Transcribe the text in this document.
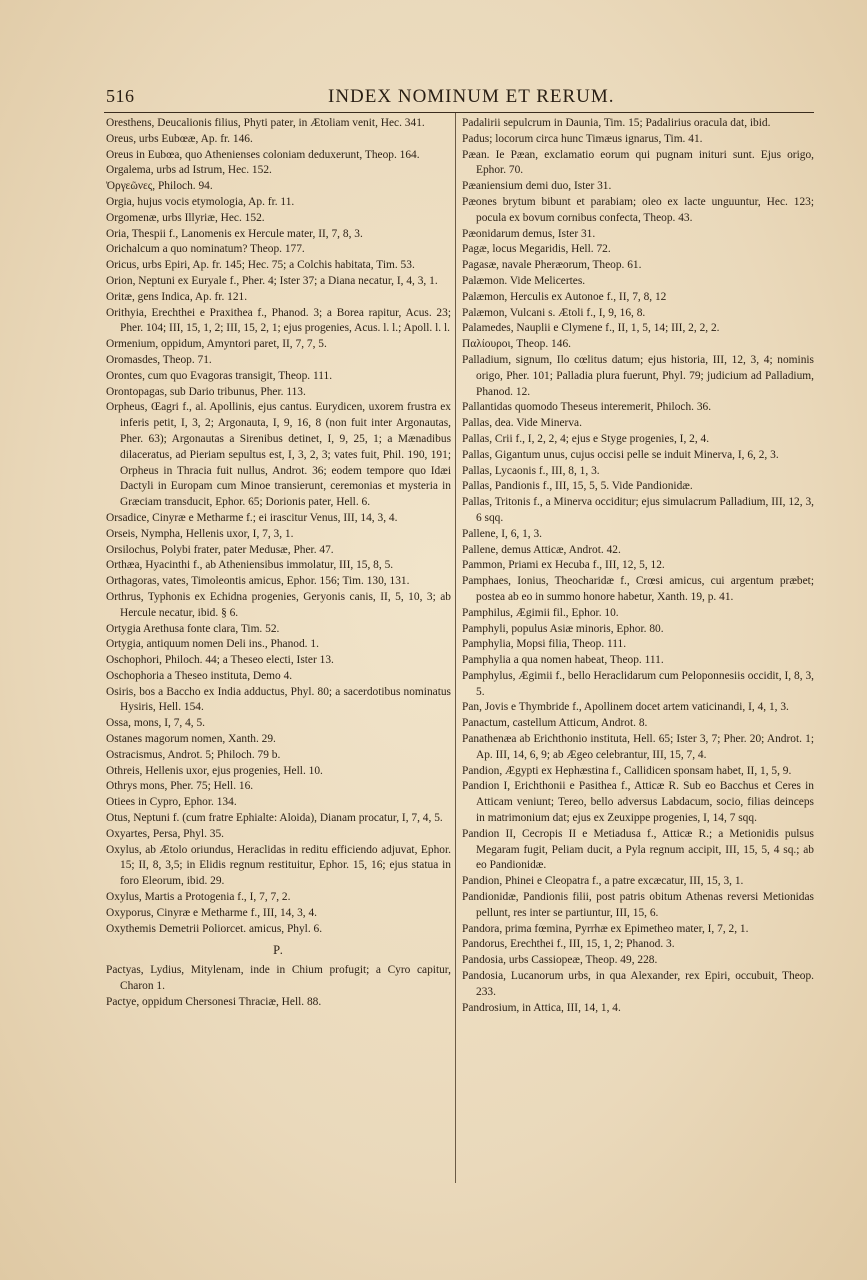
516	INDEX NOMINUM ET RERUM.

Oresthens, Deucalionis filius, Phyti pater, in Ætoliam venit, Hec. 341.

Oreus, urbs Eubœæ, Ap. fr. 146.

Oreus in Eubœa, quo Athenienses coloniam deduxerunt, Theop. 164.

Orgalema, urbs ad Istrum, Hec. 152.

Ὀργεῶνες, Philoch. 94.

Orgia, hujus vocis etymologia, Ap. fr. 11.

Orgomenæ, urbs Illyriæ, Hec. 152.

Oria, Thespii f., Lanomenis ex Hercule mater, II, 7, 8, 3.

Orichalcum a quo nominatum? Theop. 177.

Oricus, urbs Epiri, Ap. fr. 145; Hec. 75; a Colchis habitata, Tim. 53.

Orion, Neptuni ex Euryale f., Pher. 4; Ister 37; a Diana necatur, I, 4, 3, 1.

Oritæ, gens Indica, Ap. fr. 121.

Orithyia, Erechthei e Praxithea f., Phanod. 3; a Borea rapitur, Acus. 23; Pher. 104; III, 15, 1, 2; III, 15, 2, 1; ejus progenies, Acus. l. l.; Apoll. l. l.

Ormenium, oppidum, Amyntori paret, II, 7, 7, 5.

Oromasdes, Theop. 71.

Orontes, cum quo Evagoras transigit, Theop. 111.

Orontopagas, sub Dario tribunus, Pher. 113.

Orpheus, Œagri f., al. Apollinis, ejus cantus. Eurydicen, uxorem frustra ex inferis petit, I, 3, 2; Argonauta, I, 9, 16, 8 (non fuit inter Argonautas, Pher. 63); Argonautas a Sirenibus detinet, I, 9, 25, 1; a Mænadibus dilaceratus, ad Pieriam sepultus est, I, 3, 2, 3; vates fuit, Phil. 190, 191; Orpheus in Thracia fuit nullus, Androt. 36; eodem tempore quo Idæi Dactyli in Europam cum Minoe transierunt, ceremonias et mysteria in Græciam transducit, Ephor. 65; Dorionis pater, Hell. 6.

Orsadice, Cinyræ e Metharme f.; ei irascitur Venus, III, 14, 3, 4.

Orseis, Nympha, Hellenis uxor, I, 7, 3, 1.

Orsilochus, Polybi frater, pater Medusæ, Pher. 47.

Orthæa, Hyacinthi f., ab Atheniensibus immolatur, III, 15, 8, 5.

Orthagoras, vates, Timoleontis amicus, Ephor. 156; Tim. 130, 131.

Orthrus, Typhonis ex Echidna progenies, Geryonis canis, II, 5, 10, 3; ab Hercule necatur, ibid. § 6.

Ortygia Arethusa fonte clara, Tim. 52.

Ortygia, antiquum nomen Deli ins., Phanod. 1.

Oschophori, Philoch. 44; a Theseo electi, Ister 13.

Oschophoria a Theseo instituta, Demo 4.

Osiris, bos a Baccho ex India adductus, Phyl. 80; a sacerdotibus nominatus Hysiris, Hell. 154.

Ossa, mons, I, 7, 4, 5.

Ostanes magorum nomen, Xanth. 29.

Ostracismus, Androt. 5; Philoch. 79 b.

Othreis, Hellenis uxor, ejus progenies, Hell. 10.

Othrys mons, Pher. 75; Hell. 16.

Otiees in Cypro, Ephor. 134.

Otus, Neptuni f. (cum fratre Ephialte: Aloida), Dianam procatur, I, 7, 4, 5.

Oxyartes, Persa, Phyl. 35.

Oxylus, ab Ætolo oriundus, Heraclidas in reditu efficiendo adjuvat, Ephor. 15; II, 8, 3,5; in Elidis regnum restituitur, Ephor. 15, 16; ejus statua in foro Eleorum, ibid. 29.

Oxylus, Martis a Protogenia f., I, 7, 7, 2.

Oxyporus, Cinyræ e Metharme f., III, 14, 3, 4.

Oxythemis Demetrii Poliorcet. amicus, Phyl. 6.

P.

Pactyas, Lydius, Mitylenam, inde in Chium profugit; a Cyro capitur, Charon 1.

Pactye, oppidum Chersonesi Thraciæ, Hell. 88.

Padalirii sepulcrum in Daunia, Tim. 15; Padalirius oracula dat, ibid.

Padus; locorum circa hunc Timæus ignarus, Tim. 41.

Pæan. Ie Pæan, exclamatio eorum qui pugnam inituri sunt. Ejus origo, Ephor. 70.

Pæaniensium demi duo, Ister 31.

Pæones brytum bibunt et parabiam; oleo ex lacte unguuntur, Hec. 123; pocula ex bovum cornibus confecta, Theop. 43.

Pæonidarum demus, Ister 31.

Pagæ, locus Megaridis, Hell. 72.

Pagasæ, navale Pheræorum, Theop. 61.

Palæmon. Vide Melicertes.

Palæmon, Herculis ex Autonoe f., II, 7, 8, 12

Palæmon, Vulcani s. Ætoli f., I, 9, 16, 8.

Palamedes, Nauplii e Clymene f., II, 1, 5, 14; III, 2, 2, 2.

Παλίουροι, Theop. 146.

Palladium, signum, Ilo cœlitus datum; ejus historia, III, 12, 3, 4; nominis origo, Pher. 101; Palladia plura fuerunt, Phyl. 79; judicium ad Palladium, Phanod. 12.

Pallantidas quomodo Theseus interemerit, Philoch. 36.

Pallas, dea. Vide Minerva.

Pallas, Crii f., I, 2, 2, 4; ejus e Styge progenies, I, 2, 4.

Pallas, Gigantum unus, cujus occisi pelle se induit Minerva, I, 6, 2, 3.

Pallas, Lycaonis f., III, 8, 1, 3.

Pallas, Pandionis f., III, 15, 5, 5. Vide Pandionidæ.

Pallas, Tritonis f., a Minerva occiditur; ejus simulacrum Palladium, III, 12, 3, 6 sqq.

Pallene, I, 6, 1, 3.

Pallene, demus Atticæ, Androt. 42.

Pammon, Priami ex Hecuba f., III, 12, 5, 12.

Pamphaes, Ionius, Theocharidæ f., Crœsi amicus, cui argentum præbet; postea ab eo in summo honore habetur, Xanth. 19, p. 41.

Pamphilus, Ægimii fil., Ephor. 10.

Pamphyli, populus Asiæ minoris, Ephor. 80.

Pamphylia, Mopsi filia, Theop. 111.

Pamphylia a qua nomen habeat, Theop. 111.

Pamphylus, Ægimii f., bello Heraclidarum cum Peloponnesiis occidit, I, 8, 3, 5.

Pan, Jovis e Thymbride f., Apollinem docet artem vaticinandi, I, 4, 1, 3.

Panactum, castellum Atticum, Androt. 8.

Panathenæa ab Erichthonio instituta, Hell. 65; Ister 3, 7; Pher. 20; Androt. 1; Ap. III, 14, 6, 9; ab Ægeo celebrantur, III, 15, 7, 4.

Pandion, Ægypti ex Hephæstina f., Callidicen sponsam habet, II, 1, 5, 9.

Pandion I, Erichthonii e Pasithea f., Atticæ R. Sub eo Bacchus et Ceres in Atticam veniunt; Tereo, bello adversus Labdacum, socio, filias deinceps in matrimonium dat; ejus ex Zeuxippe progenies, I, 14, 7 sqq.

Pandion II, Cecropis II e Metiadusa f., Atticæ R.; a Metionidis pulsus Megaram fugit, Peliam ducit, a Pyla regnum accipit, III, 15, 5, 4 sq.; ab eo Pandionidæ.

Pandion, Phinei e Cleopatra f., a patre excæcatur, III, 15, 3, 1.

Pandionidæ, Pandionis filii, post patris obitum Athenas reversi Metionidas pellunt, res inter se partiuntur, III, 15, 6.

Pandora, prima fœmina, Pyrrhæ ex Epimetheo mater, I, 7, 2, 1.

Pandorus, Erechthei f., III, 15, 1, 2; Phanod. 3.

Pandosia, urbs Cassiopeæ, Theop. 49, 228.

Pandosia, Lucanorum urbs, in qua Alexander, rex Epiri, occubuit, Theop. 233.

Pandrosium, in Attica, III, 14, 1, 4.
